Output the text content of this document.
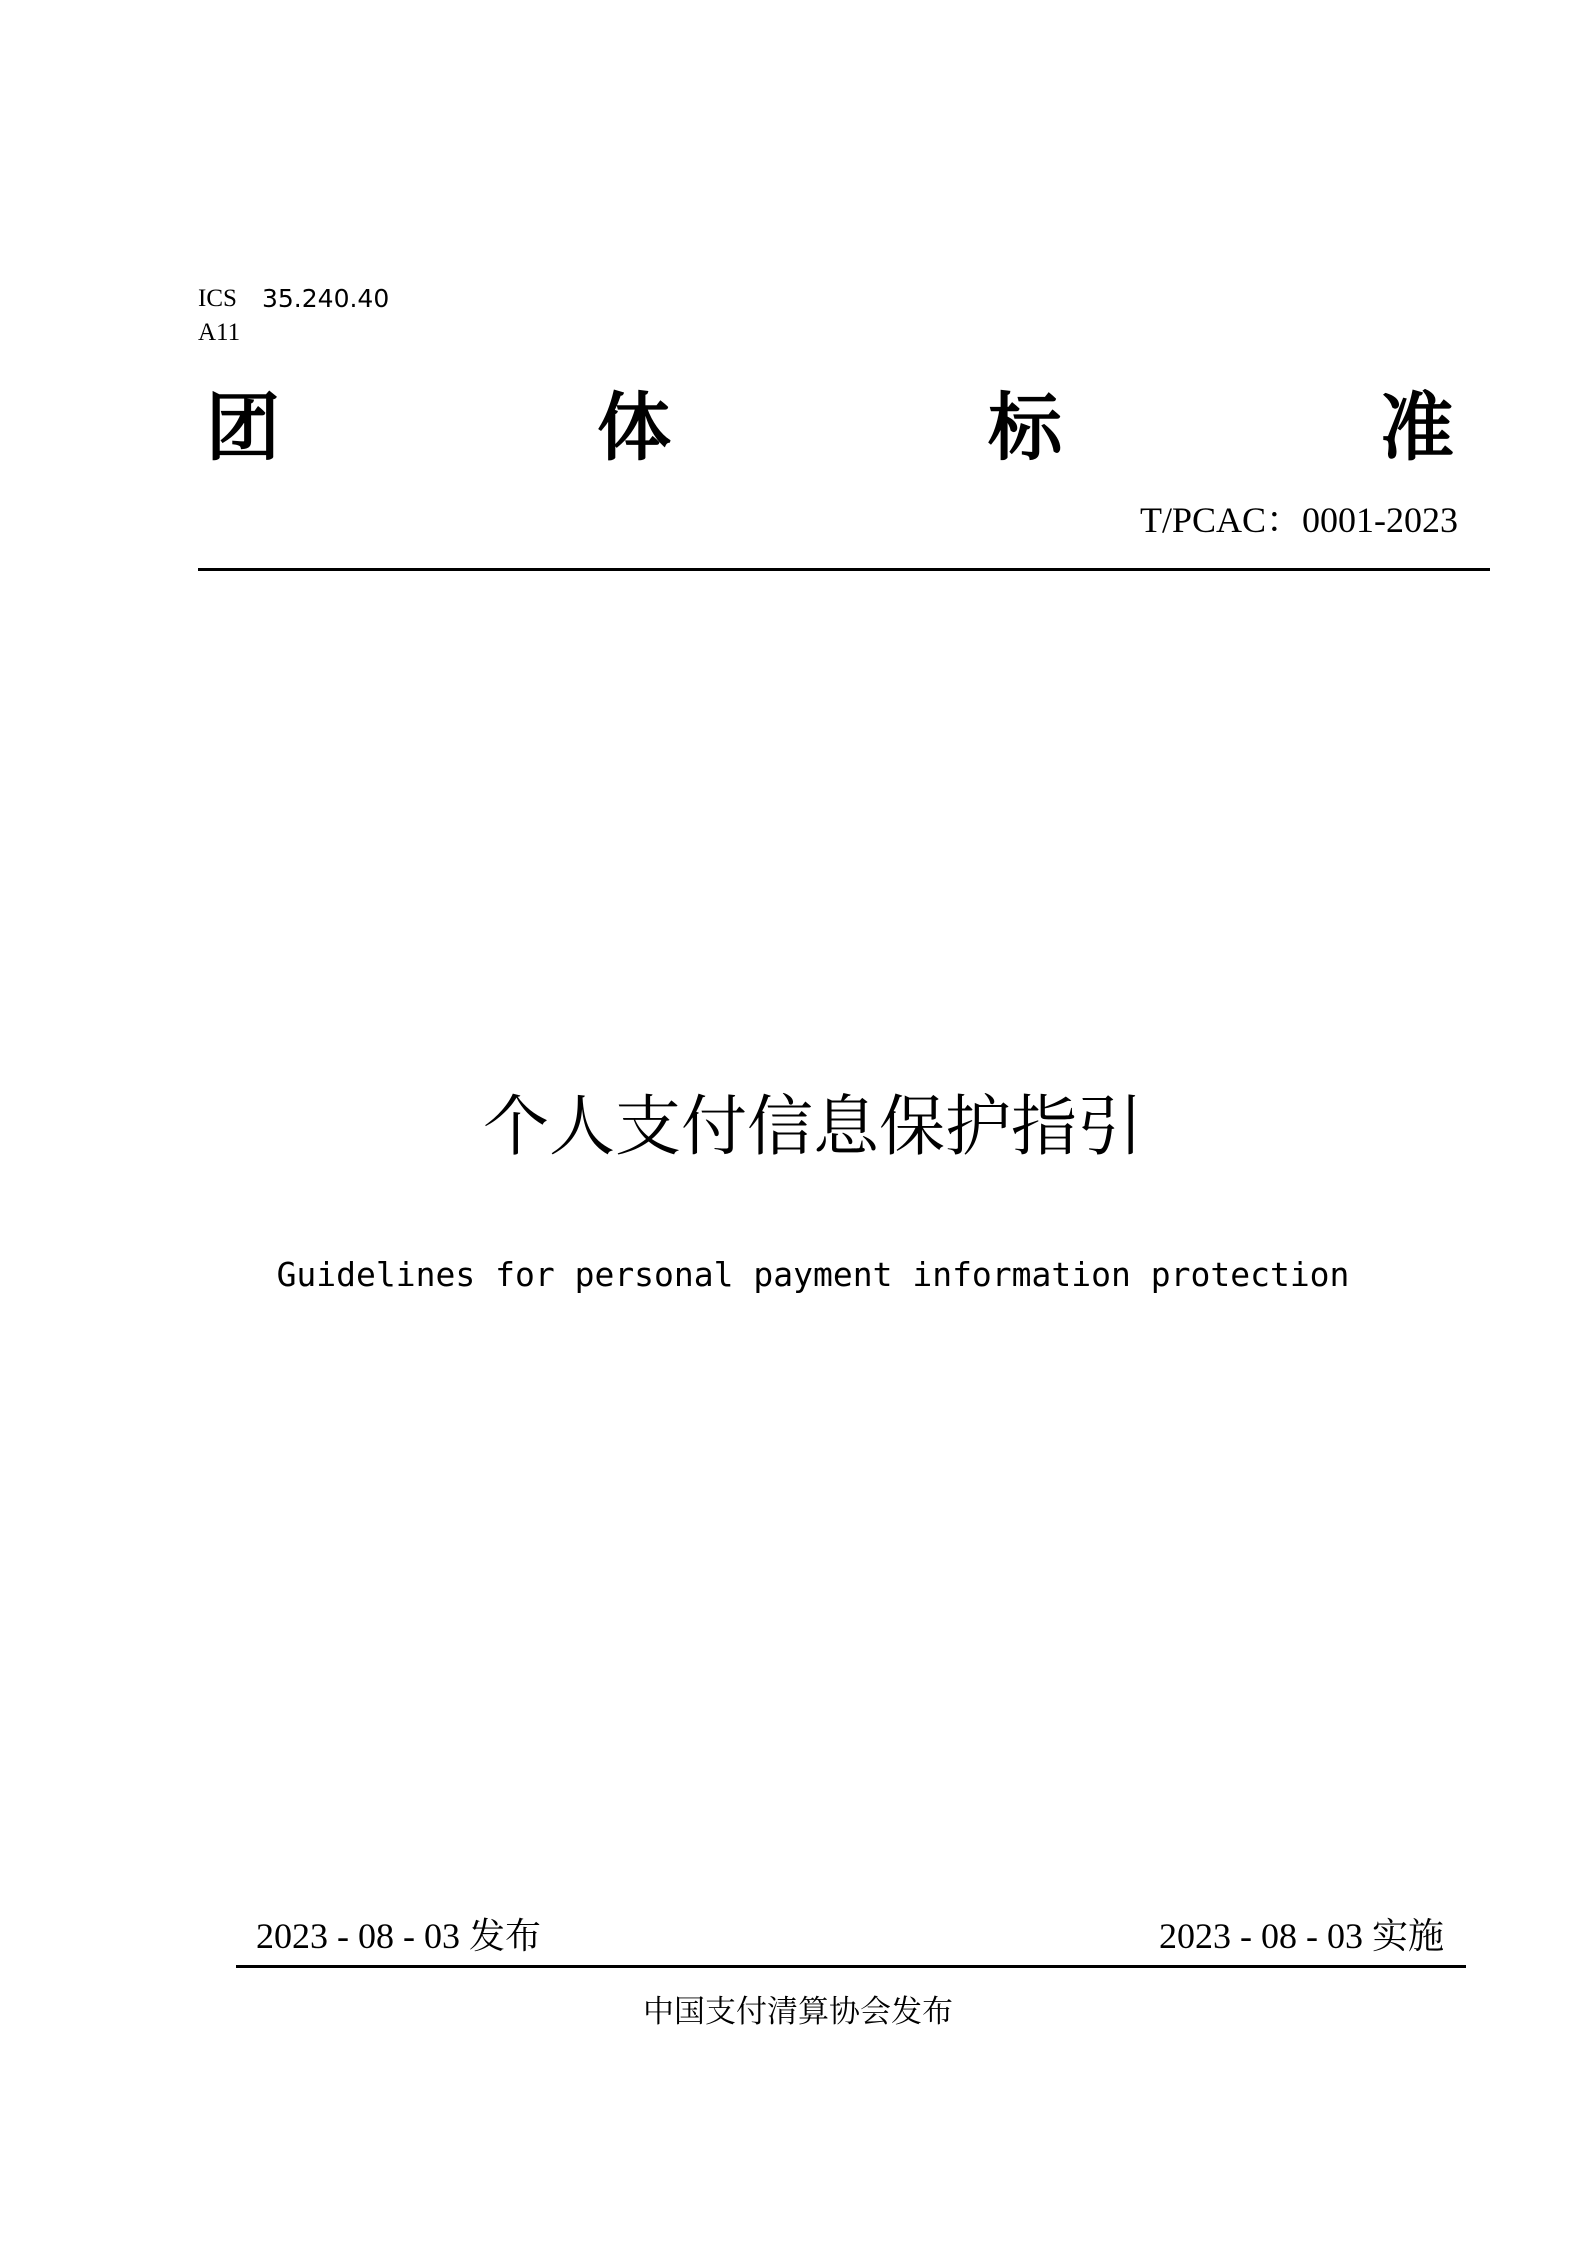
ICS 35.240.40
A11
团	体	标	准
T/PCAC：0001-2023
个人支付信息保护指引
Guidelines for personal payment information protection
2023 - 08 - 03 发布	2023 - 08 - 03 实施
中国支付清算协会发布
